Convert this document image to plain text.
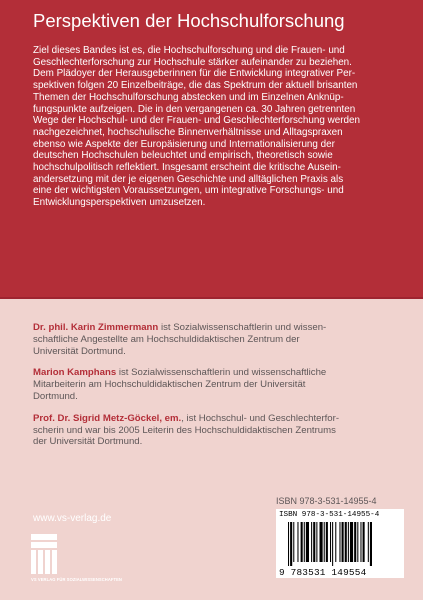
Perspektiven der Hochschulforschung

Ziel dieses Bandes ist es, die Hochschulforschung und die Frauen- und

Geschlechterforschung zur Hochschule stärker aufeinander zu beziehen.

Dem Plädoyer der Herausgeberinnen für die Entwicklung integrativer Per-

spektiven folgen 20 Einzelbeiträge, die das Spektrum der aktuell brisanten

Themen der Hochschulforschung abstecken und im Einzelnen Anknüp-

fungspunkte aufzeigen. Die in den vergangenen ca. 30 Jahren getrennten

Wege der Hochschul- und der Frauen- und Geschlechterforschung werden

nachgezeichnet, hochschulische Binnenverhältnisse und Alltagspraxen

ebenso wie Aspekte der Europäisierung und Internationalisierung der

deutschen Hochschulen beleuchtet und empirisch, theoretisch sowie

hochschulpolitisch reflektiert. Insgesamt erscheint die kritische Ausein-

andersetzung mit der je eigenen Geschichte und alltäglichen Praxis als

eine der wichtigsten Voraussetzungen, um integrative Forschungs- und

Entwicklungsperspektiven umzusetzen.

Dr. phil. Karin Zimmermann ist Sozialwissenschaftlerin und wissen-

schaftliche Angestellte am Hochschuldidaktischen Zentrum der

Universität Dortmund.

Marion Kamphans ist Sozialwissenschaftlerin und wissenschaftliche

Mitarbeiterin am Hochschuldidaktischen Zentrum der Universität

Dortmund.

Prof. Dr. Sigrid Metz-Göckel, em., ist Hochschul- und Geschlechterfor-

scherin und war bis 2005 Leiterin des Hochschuldidaktischen Zentrums

der Universität Dortmund.

ISBN 978-3-531-14955-4
www.vs-verlag.de
VS VERLAG FÜR SOZIALWISSENSCHAFTEN
ISBN 978-3-531-14955-4
9 783531 149554
